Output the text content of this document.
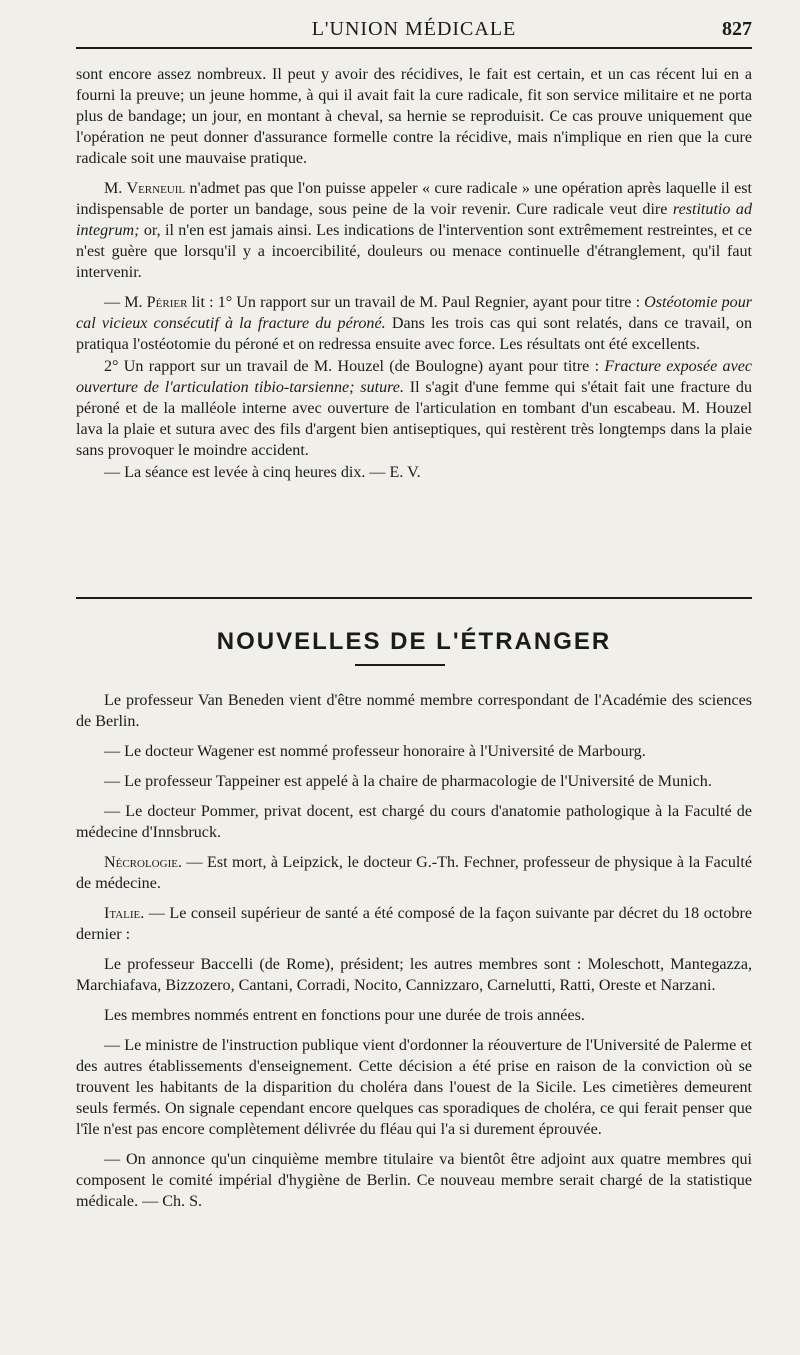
L'UNION MÉDICALE	827

sont encore assez nombreux. Il peut y avoir des récidives, le fait est certain, et un cas récent lui en a fourni la preuve; un jeune homme, à qui il avait fait la cure radicale, fit son service militaire et ne porta plus de bandage; un jour, en montant à cheval, sa hernie se reproduisit. Ce cas prouve uniquement que l'opération ne peut donner d'assurance formelle contre la récidive, mais n'implique en rien que la cure radicale soit une mauvaise pratique.

M. Verneuil n'admet pas que l'on puisse appeler « cure radicale » une opération après laquelle il est indispensable de porter un bandage, sous peine de la voir revenir. Cure radicale veut dire restitutio ad integrum; or, il n'en est jamais ainsi. Les indications de l'intervention sont extrêmement restreintes, et ce n'est guère que lorsqu'il y a incoercibilité, douleurs ou menace continuelle d'étranglement, qu'il faut intervenir.

— M. Périer lit : 1° Un rapport sur un travail de M. Paul Regnier, ayant pour titre : Ostéotomie pour cal vicieux consécutif à la fracture du péroné. Dans les trois cas qui sont relatés, dans ce travail, on pratiqua l'ostéotomie du péroné et on redressa ensuite avec force. Les résultats ont été excellents.

2° Un rapport sur un travail de M. Houzel (de Boulogne) ayant pour titre : Fracture exposée avec ouverture de l'articulation tibio-tarsienne; suture. Il s'agit d'une femme qui s'était fait une fracture du péroné et de la malléole interne avec ouverture de l'articulation en tombant d'un escabeau. M. Houzel lava la plaie et sutura avec des fils d'argent bien antiseptiques, qui restèrent très longtemps dans la plaie sans provoquer le moindre accident.

— La séance est levée à cinq heures dix. — E. V.

NOUVELLES DE L'ÉTRANGER

Le professeur Van Beneden vient d'être nommé membre correspondant de l'Académie des sciences de Berlin.

— Le docteur Wagener est nommé professeur honoraire à l'Université de Marbourg.

— Le professeur Tappeiner est appelé à la chaire de pharmacologie de l'Université de Munich.

— Le docteur Pommer, privat docent, est chargé du cours d'anatomie pathologique à la Faculté de médecine d'Innsbruck.

Nécrologie. — Est mort, à Leipzick, le docteur G.-Th. Fechner, professeur de physique à la Faculté de médecine.

Italie. — Le conseil supérieur de santé a été composé de la façon suivante par décret du 18 octobre dernier :

Le professeur Baccelli (de Rome), président; les autres membres sont : Moleschott, Mantegazza, Marchiafava, Bizzozero, Cantani, Corradi, Nocito, Cannizzaro, Carnelutti, Ratti, Oreste et Narzani.

Les membres nommés entrent en fonctions pour une durée de trois années.

— Le ministre de l'instruction publique vient d'ordonner la réouverture de l'Université de Palerme et des autres établissements d'enseignement. Cette décision a été prise en raison de la conviction où se trouvent les habitants de la disparition du choléra dans l'ouest de la Sicile. Les cimetières demeurent seuls fermés. On signale cependant encore quelques cas sporadiques de choléra, ce qui ferait penser que l'île n'est pas encore complètement délivrée du fléau qui l'a si durement éprouvée.

— On annonce qu'un cinquième membre titulaire va bientôt être adjoint aux quatre membres qui composent le comité impérial d'hygiène de Berlin. Ce nouveau membre serait chargé de la statistique médicale. — Ch. S.
